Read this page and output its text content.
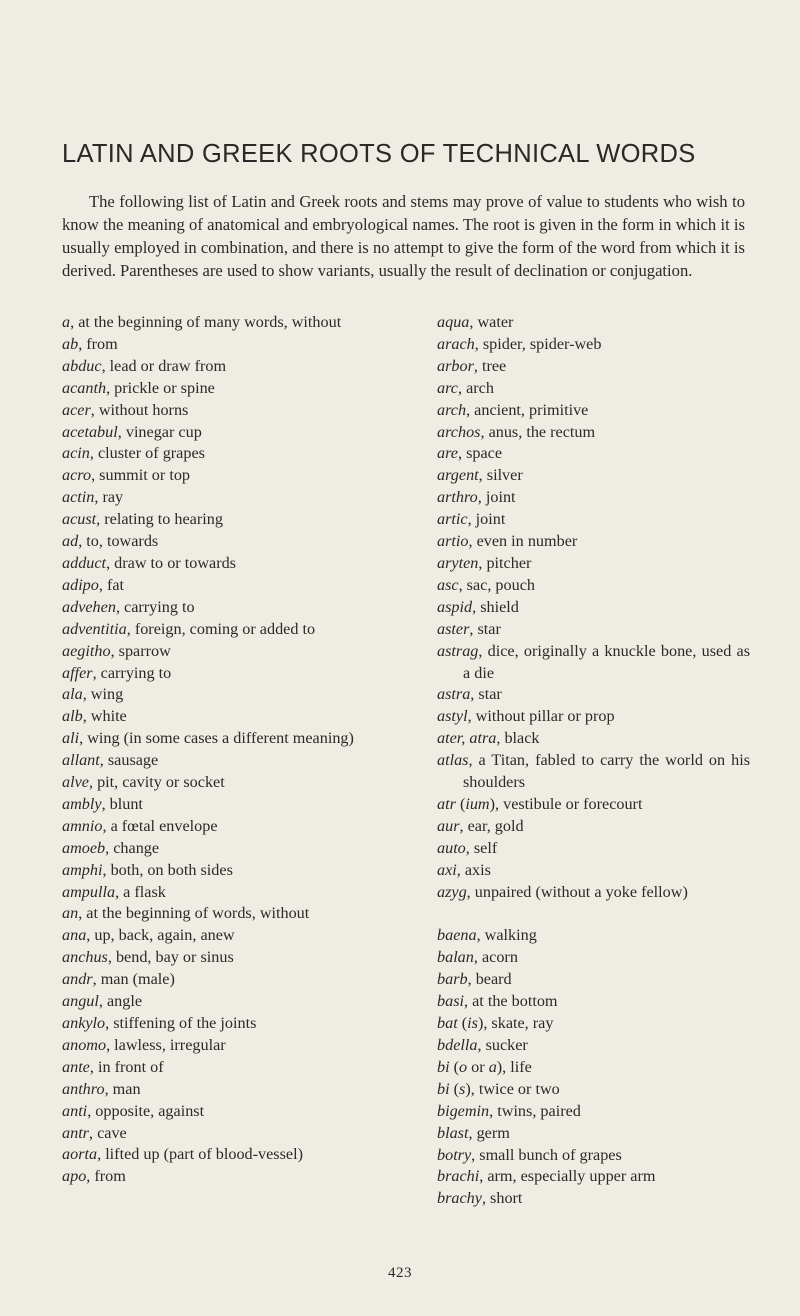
LATIN AND GREEK ROOTS OF TECHNICAL WORDS

The following list of Latin and Greek roots and stems may prove of value to students who wish to know the meaning of anatomical and embryological names. The root is given in the form in which it is usually employed in combination, and there is no attempt to give the form of the word from which it is derived. Parentheses are used to show variants, usually the result of declination or conjugation.

a, at the beginning of many words, without
ab, from
abduc, lead or draw from
acanth, prickle or spine
acer, without horns
acetabul, vinegar cup
acin, cluster of grapes
acro, summit or top
actin, ray
acust, relating to hearing
ad, to, towards
adduct, draw to or towards
adipo, fat
advehen, carrying to
adventitia, foreign, coming or added to
aegitho, sparrow
affer, carrying to
ala, wing
alb, white
ali, wing (in some cases a different meaning)
allant, sausage
alve, pit, cavity or socket
ambly, blunt
amnio, a fœtal envelope
amoeb, change
amphi, both, on both sides
ampulla, a flask
an, at the beginning of words, without
ana, up, back, again, anew
anchus, bend, bay or sinus
andr, man (male)
angul, angle
ankylo, stiffening of the joints
anomo, lawless, irregular
ante, in front of
anthro, man
anti, opposite, against
antr, cave
aorta, lifted up (part of blood-vessel)
apo, from
aqua, water
arach, spider, spider-web
arbor, tree
arc, arch
arch, ancient, primitive
archos, anus, the rectum
are, space
argent, silver
arthro, joint
artic, joint
artio, even in number
aryten, pitcher
asc, sac, pouch
aspid, shield
aster, star
astrag, dice, originally a knuckle bone, used as a die
astra, star
astyl, without pillar or prop
ater, atra, black
atlas, a Titan, fabled to carry the world on his shoulders
atr (ium), vestibule or forecourt
aur, ear, gold
auto, self
axi, axis
azyg, unpaired (without a yoke fellow)
baena, walking
balan, acorn
barb, beard
basi, at the bottom
bat (is), skate, ray
bdella, sucker
bi (o or a), life
bi (s), twice or two
bigemin, twins, paired
blast, germ
botry, small bunch of grapes
brachi, arm, especially upper arm
brachy, short
423
